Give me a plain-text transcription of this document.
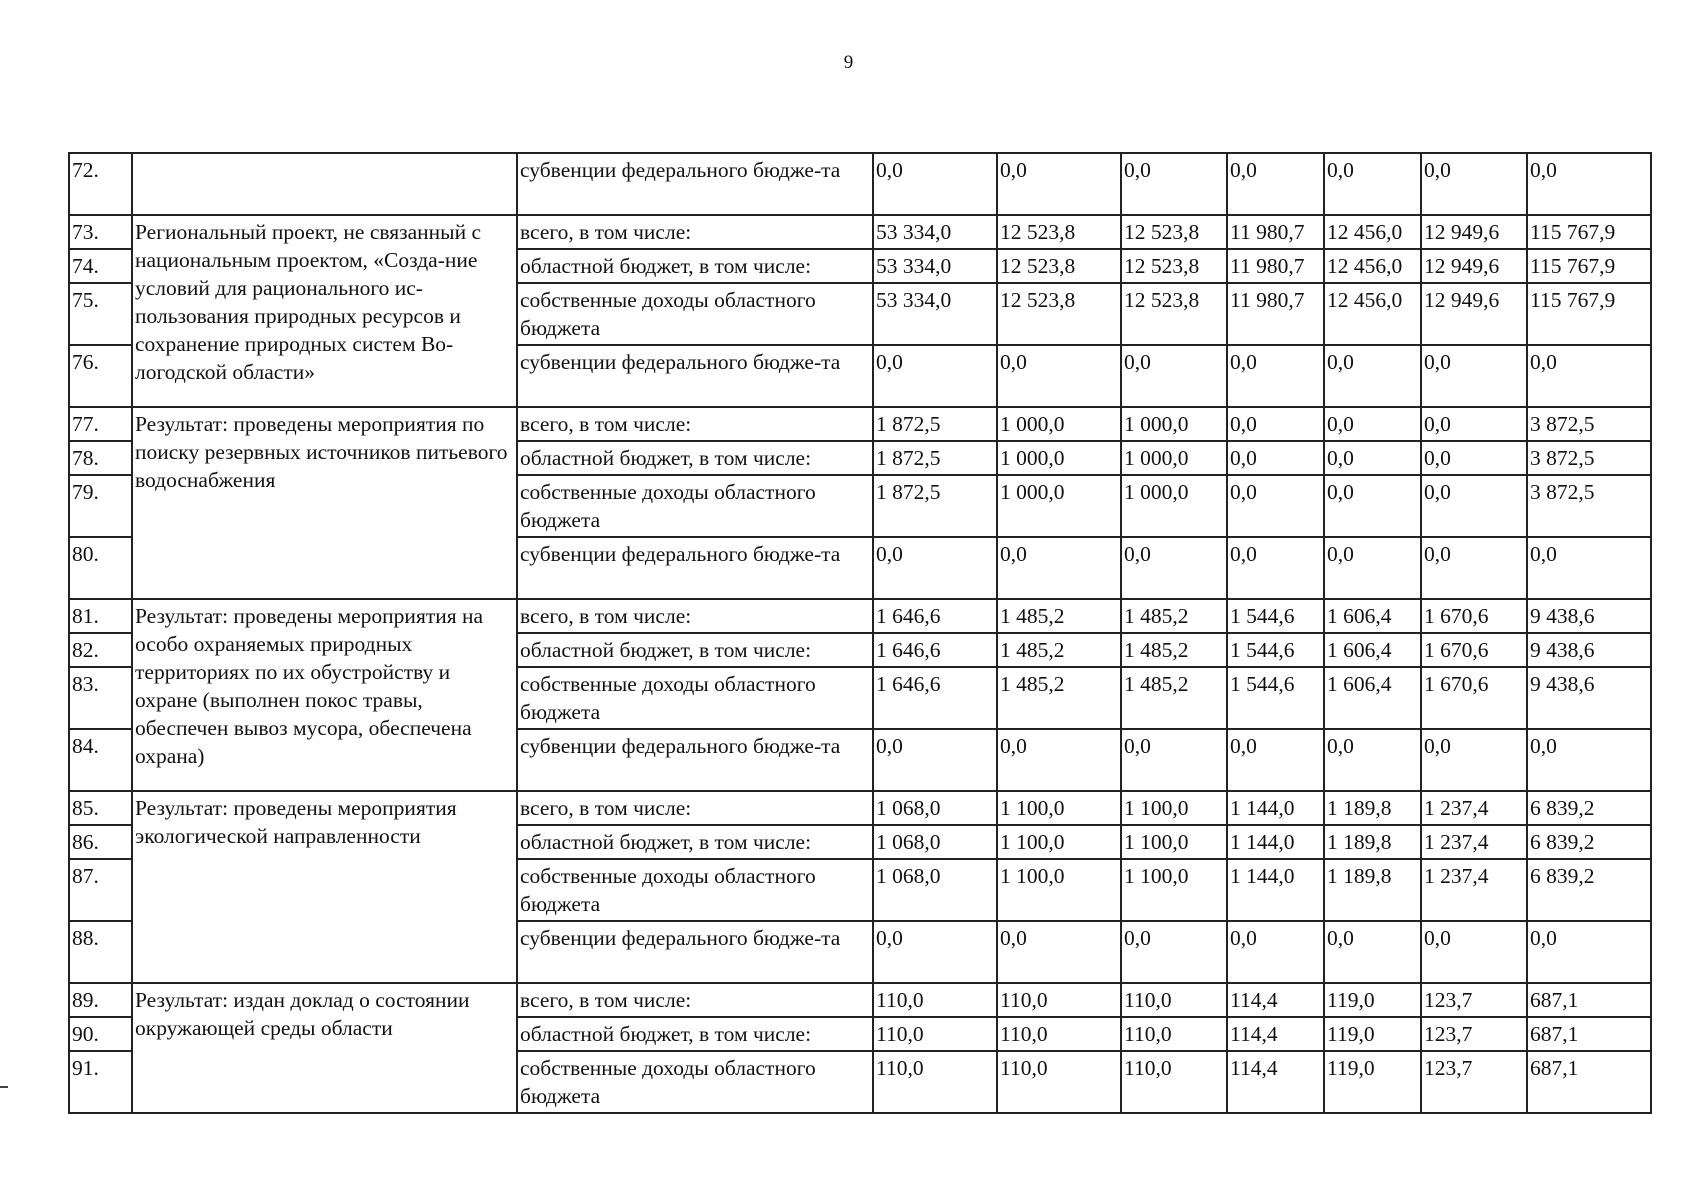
9
72.		субвенции федерального бюдже-та	0,0	0,0	0,0	0,0	0,0	0,0	0,0
73.	Региональный проект, не связанный с национальным проектом, «Созда-ние условий для рационального ис-пользования природных ресурсов и сохранение природных систем Во-логодской области»	всего, в том числе:	53 334,0	12 523,8	12 523,8	11 980,7	12 456,0	12 949,6	115 767,9
74.		областной бюджет, в том числе:	53 334,0	12 523,8	12 523,8	11 980,7	12 456,0	12 949,6	115 767,9
75.		собственные доходы областного бюджета	53 334,0	12 523,8	12 523,8	11 980,7	12 456,0	12 949,6	115 767,9
76.		субвенции федерального бюдже-та	0,0	0,0	0,0	0,0	0,0	0,0	0,0
77.	Результат: проведены мероприятия по поиску резервных источников питьевого водоснабжения	всего, в том числе:	1 872,5	1 000,0	1 000,0	0,0	0,0	0,0	3 872,5
78.		областной бюджет, в том числе:	1 872,5	1 000,0	1 000,0	0,0	0,0	0,0	3 872,5
79.		собственные доходы областного бюджета	1 872,5	1 000,0	1 000,0	0,0	0,0	0,0	3 872,5
80.		субвенции федерального бюдже-та	0,0	0,0	0,0	0,0	0,0	0,0	0,0
81.	Результат: проведены мероприятия на особо охраняемых природных территориях по их обустройству и охране (выполнен покос травы, обеспечен вывоз мусора, обеспечена охрана)	всего, в том числе:	1 646,6	1 485,2	1 485,2	1 544,6	1 606,4	1 670,6	9 438,6
82.		областной бюджет, в том числе:	1 646,6	1 485,2	1 485,2	1 544,6	1 606,4	1 670,6	9 438,6
83.		собственные доходы областного бюджета	1 646,6	1 485,2	1 485,2	1 544,6	1 606,4	1 670,6	9 438,6
84.		субвенции федерального бюдже-та	0,0	0,0	0,0	0,0	0,0	0,0	0,0
85.	Результат: проведены мероприятия экологической направленности	всего, в том числе:	1 068,0	1 100,0	1 100,0	1 144,0	1 189,8	1 237,4	6 839,2
86.		областной бюджет, в том числе:	1 068,0	1 100,0	1 100,0	1 144,0	1 189,8	1 237,4	6 839,2
87.		собственные доходы областного бюджета	1 068,0	1 100,0	1 100,0	1 144,0	1 189,8	1 237,4	6 839,2
88.		субвенции федерального бюдже-та	0,0	0,0	0,0	0,0	0,0	0,0	0,0
89.	Результат: издан доклад о состоянии окружающей среды области	всего, в том числе:	110,0	110,0	110,0	114,4	119,0	123,7	687,1
90.		областной бюджет, в том числе:	110,0	110,0	110,0	114,4	119,0	123,7	687,1
91.		собственные доходы областного бюджета	110,0	110,0	110,0	114,4	119,0	123,7	687,1
